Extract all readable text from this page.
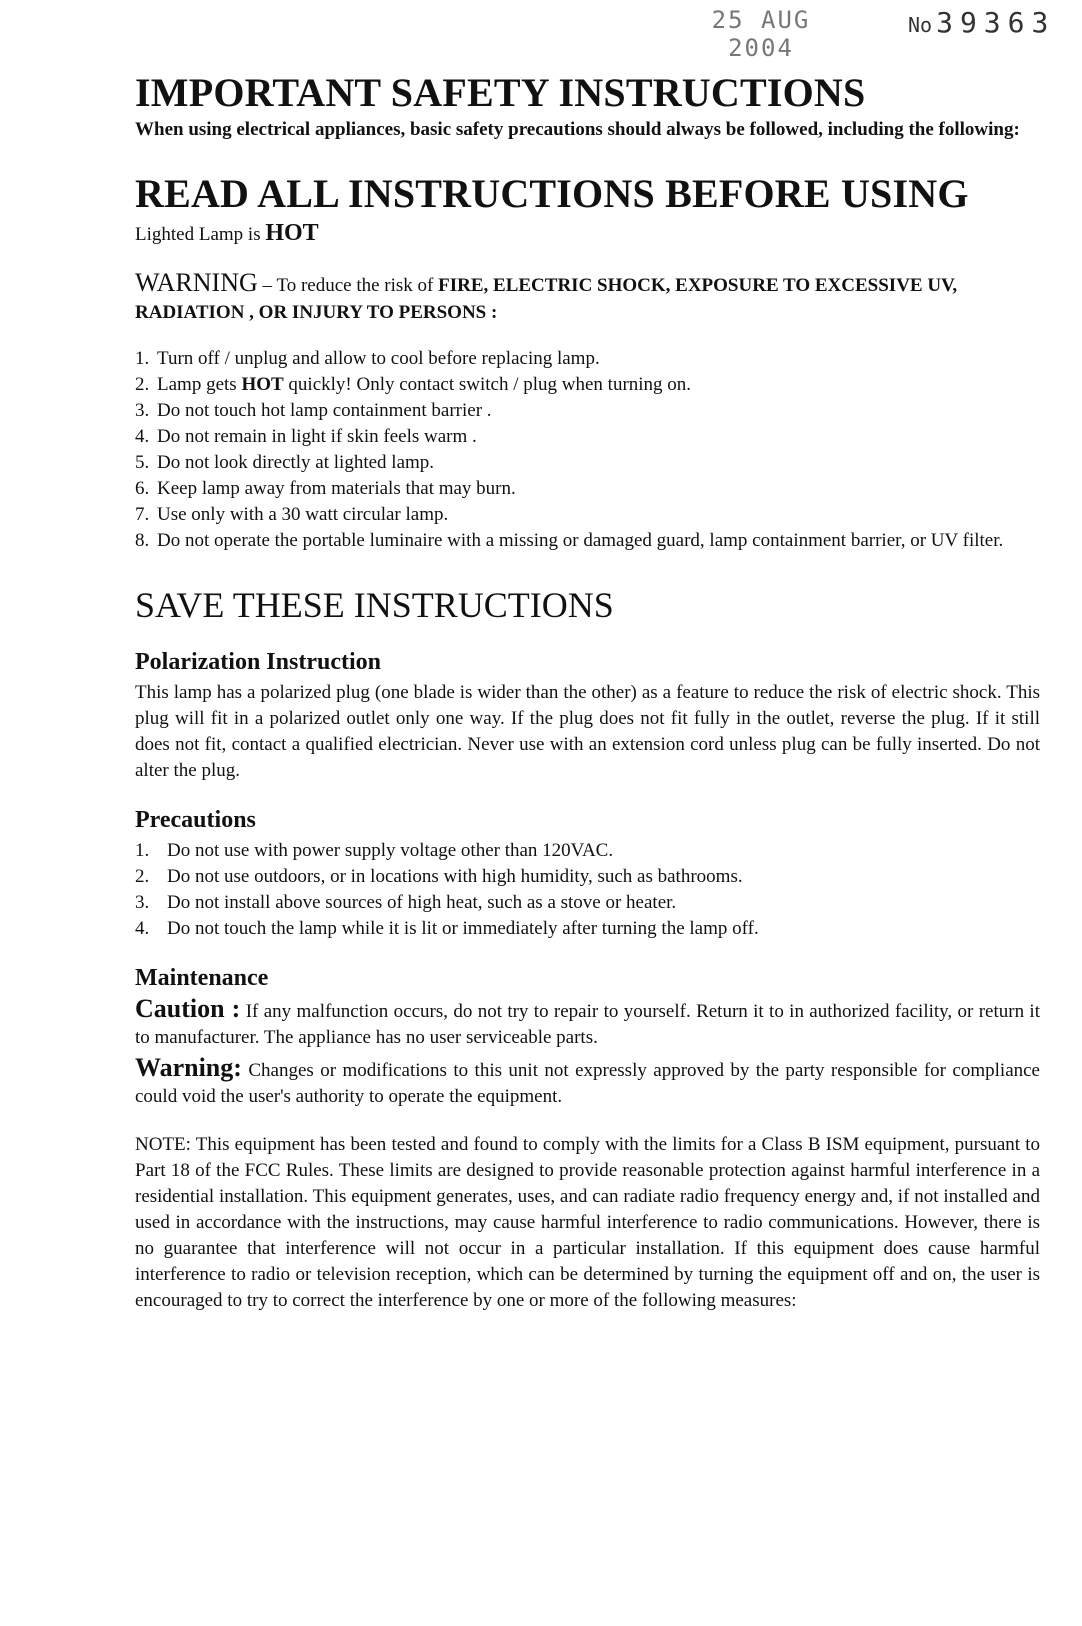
25 AUG 2004
No 39363
IMPORTANT SAFETY INSTRUCTIONS

When using electrical appliances, basic safety precautions should always be followed, including the following:

READ ALL INSTRUCTIONS BEFORE USING
Lighted Lamp is HOT
WARNING – To reduce the risk of FIRE, ELECTRIC SHOCK, EXPOSURE TO EXCESSIVE UV, RADIATION , OR INJURY TO PERSONS :
1. Turn off / unplug and allow to cool before replacing lamp.
2. Lamp gets HOT quickly! Only contact switch / plug when turning on.
3. Do not touch hot lamp containment barrier .
4. Do not remain in light if skin feels warm .
5. Do not look directly at lighted lamp.
6. Keep lamp away from materials that may burn.
7. Use only with a 30 watt circular lamp.
8. Do not operate the portable luminaire with a missing or damaged guard, lamp containment barrier, or UV filter.
SAVE THESE INSTRUCTIONS
Polarization Instruction

This lamp has a polarized plug (one blade is wider than the other) as a feature to reduce the risk of electric shock. This plug will fit in a polarized outlet only one way. If the plug does not fit fully in the outlet, reverse the plug. If it still does not fit, contact a qualified electrician. Never use with an extension cord unless plug can be fully inserted. Do not alter the plug.

Precautions
1. Do not use with power supply voltage other than 120VAC.
2. Do not use outdoors, or in locations with high humidity, such as bathrooms.
3. Do not install above sources of high heat, such as a stove or heater.
4. Do not touch the lamp while it is lit or immediately after turning the lamp off.
Maintenance

Caution : If any malfunction occurs, do not try to repair to yourself. Return it to in authorized facility, or return it to manufacturer. The appliance has no user serviceable parts.

Warning: Changes or modifications to this unit not expressly approved by the party responsible for compliance could void the user's authority to operate the equipment.

NOTE: This equipment has been tested and found to comply with the limits for a Class B ISM equipment, pursuant to Part 18 of the FCC Rules. These limits are designed to provide reasonable protection against harmful interference in a residential installation. This equipment generates, uses, and can radiate radio frequency energy and, if not installed and used in accordance with the instructions, may cause harmful interference to radio communications. However, there is no guarantee that interference will not occur in a particular installation. If this equipment does cause harmful interference to radio or television reception, which can be determined by turning the equipment off and on, the user is encouraged to try to correct the interference by one or more of the following measures:
